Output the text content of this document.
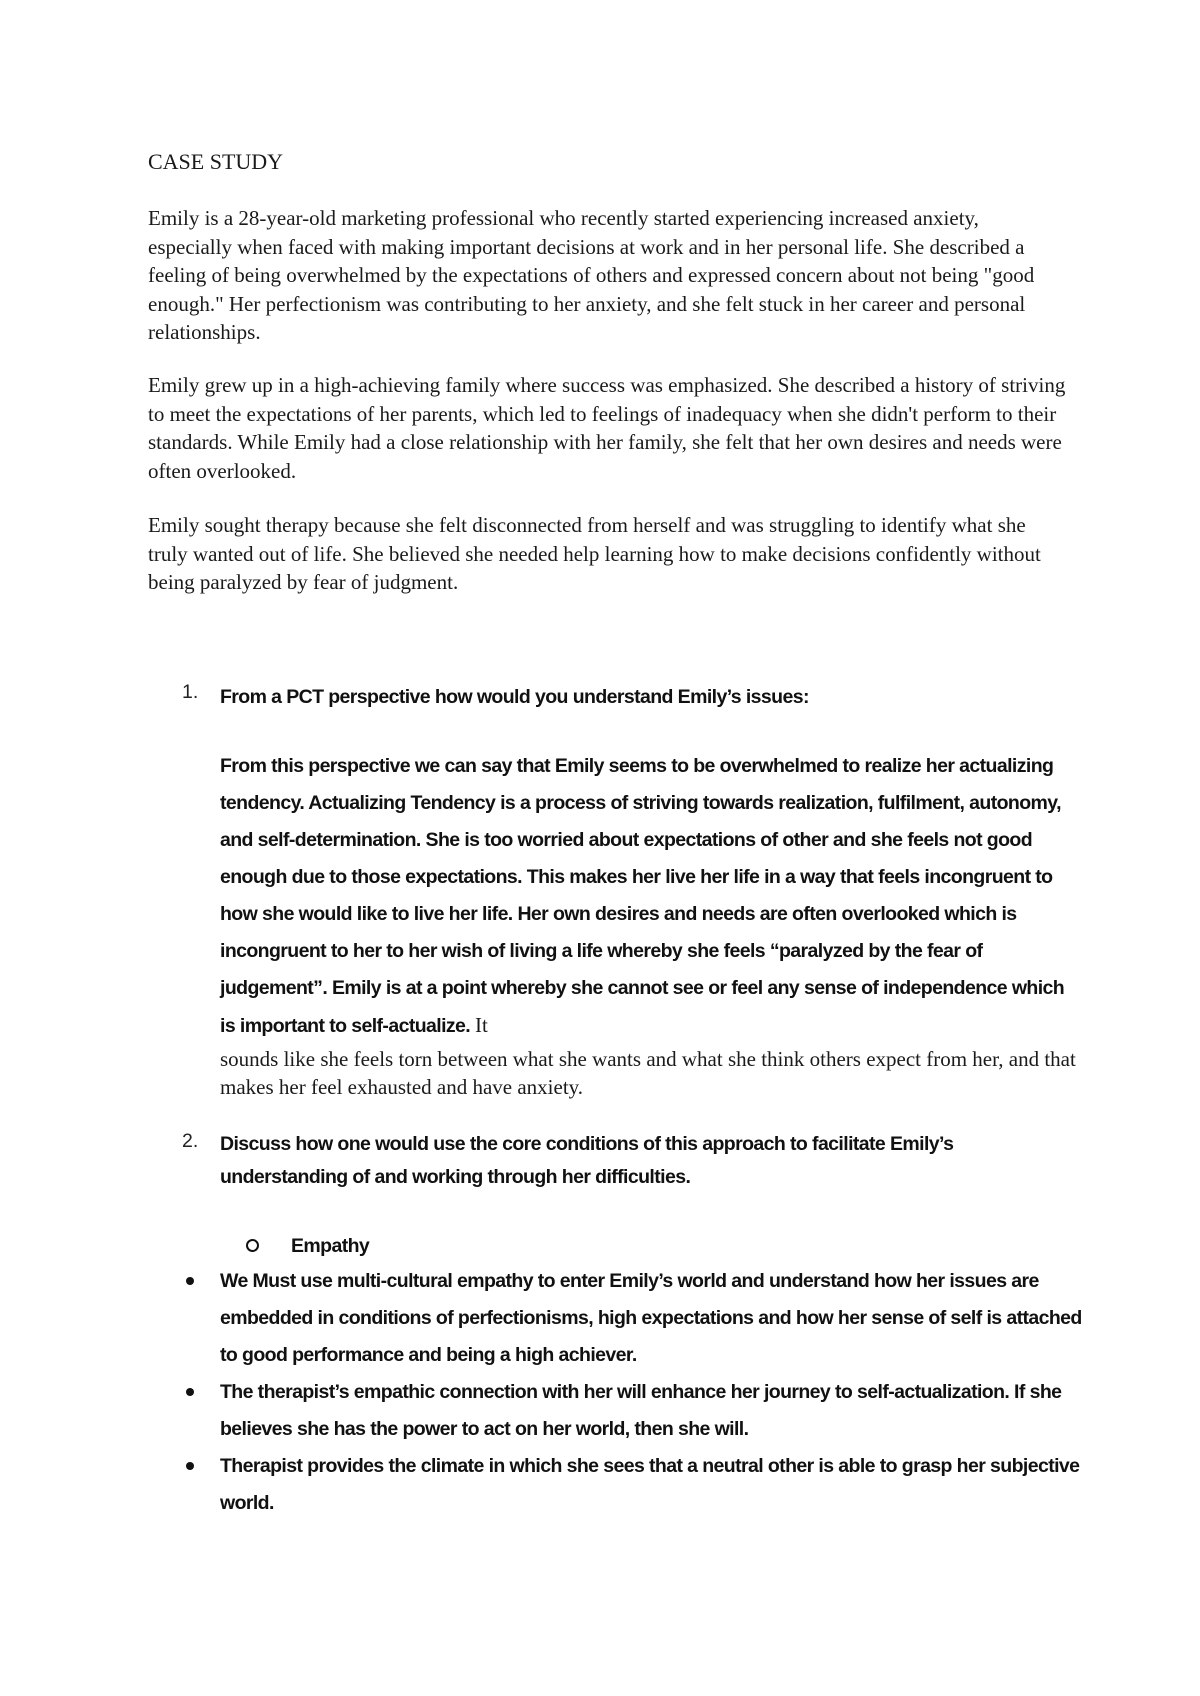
CASE STUDY

Emily is a 28-year-old marketing professional who recently started experiencing increased anxiety, especially when faced with making important decisions at work and in her personal life. She described a feeling of being overwhelmed by the expectations of others and expressed concern about not being "good enough." Her perfectionism was contributing to her anxiety, and she felt stuck in her career and personal relationships.

Emily grew up in a high-achieving family where success was emphasized. She described a history of striving to meet the expectations of her parents, which led to feelings of inadequacy when she didn't perform to their standards. While Emily had a close relationship with her family, she felt that her own desires and needs were often overlooked.

Emily sought therapy because she felt disconnected from herself and was struggling to identify what she truly wanted out of life. She believed she needed help learning how to make decisions confidently without being paralyzed by fear of judgment.

1. From a PCT perspective how would you understand Emily’s issues:

From this perspective we can say that Emily seems to be overwhelmed to realize her actualizing tendency. Actualizing Tendency is a process of striving towards realization, fulfilment, autonomy, and self-determination. She is too worried about expectations of other and she feels not good enough due to those expectations. This makes her live her life in a way that feels incongruent to how she would like to live her life. Her own desires and needs are often overlooked which is incongruent to her to her wish of living a life whereby she feels “paralyzed by the fear of judgement”. Emily is at a point whereby she cannot see or feel any sense of independence which is important to self-actualize. It
sounds like she feels torn between what she wants and what she think others expect from her, and that makes her feel exhausted and have anxiety.

2. Discuss how one would use the core conditions of this approach to facilitate Emily’s understanding of and working through her difficulties.

Empathy
We Must use multi-cultural empathy to enter Emily’s world and understand how her issues are embedded in conditions of perfectionisms, high expectations and how her sense of self is attached to good performance and being a high achiever.
The therapist’s empathic connection with her will enhance her journey to self-actualization. If she believes she has the power to act on her world, then she will.
Therapist provides the climate in which she sees that a neutral other is able to grasp her subjective world.
